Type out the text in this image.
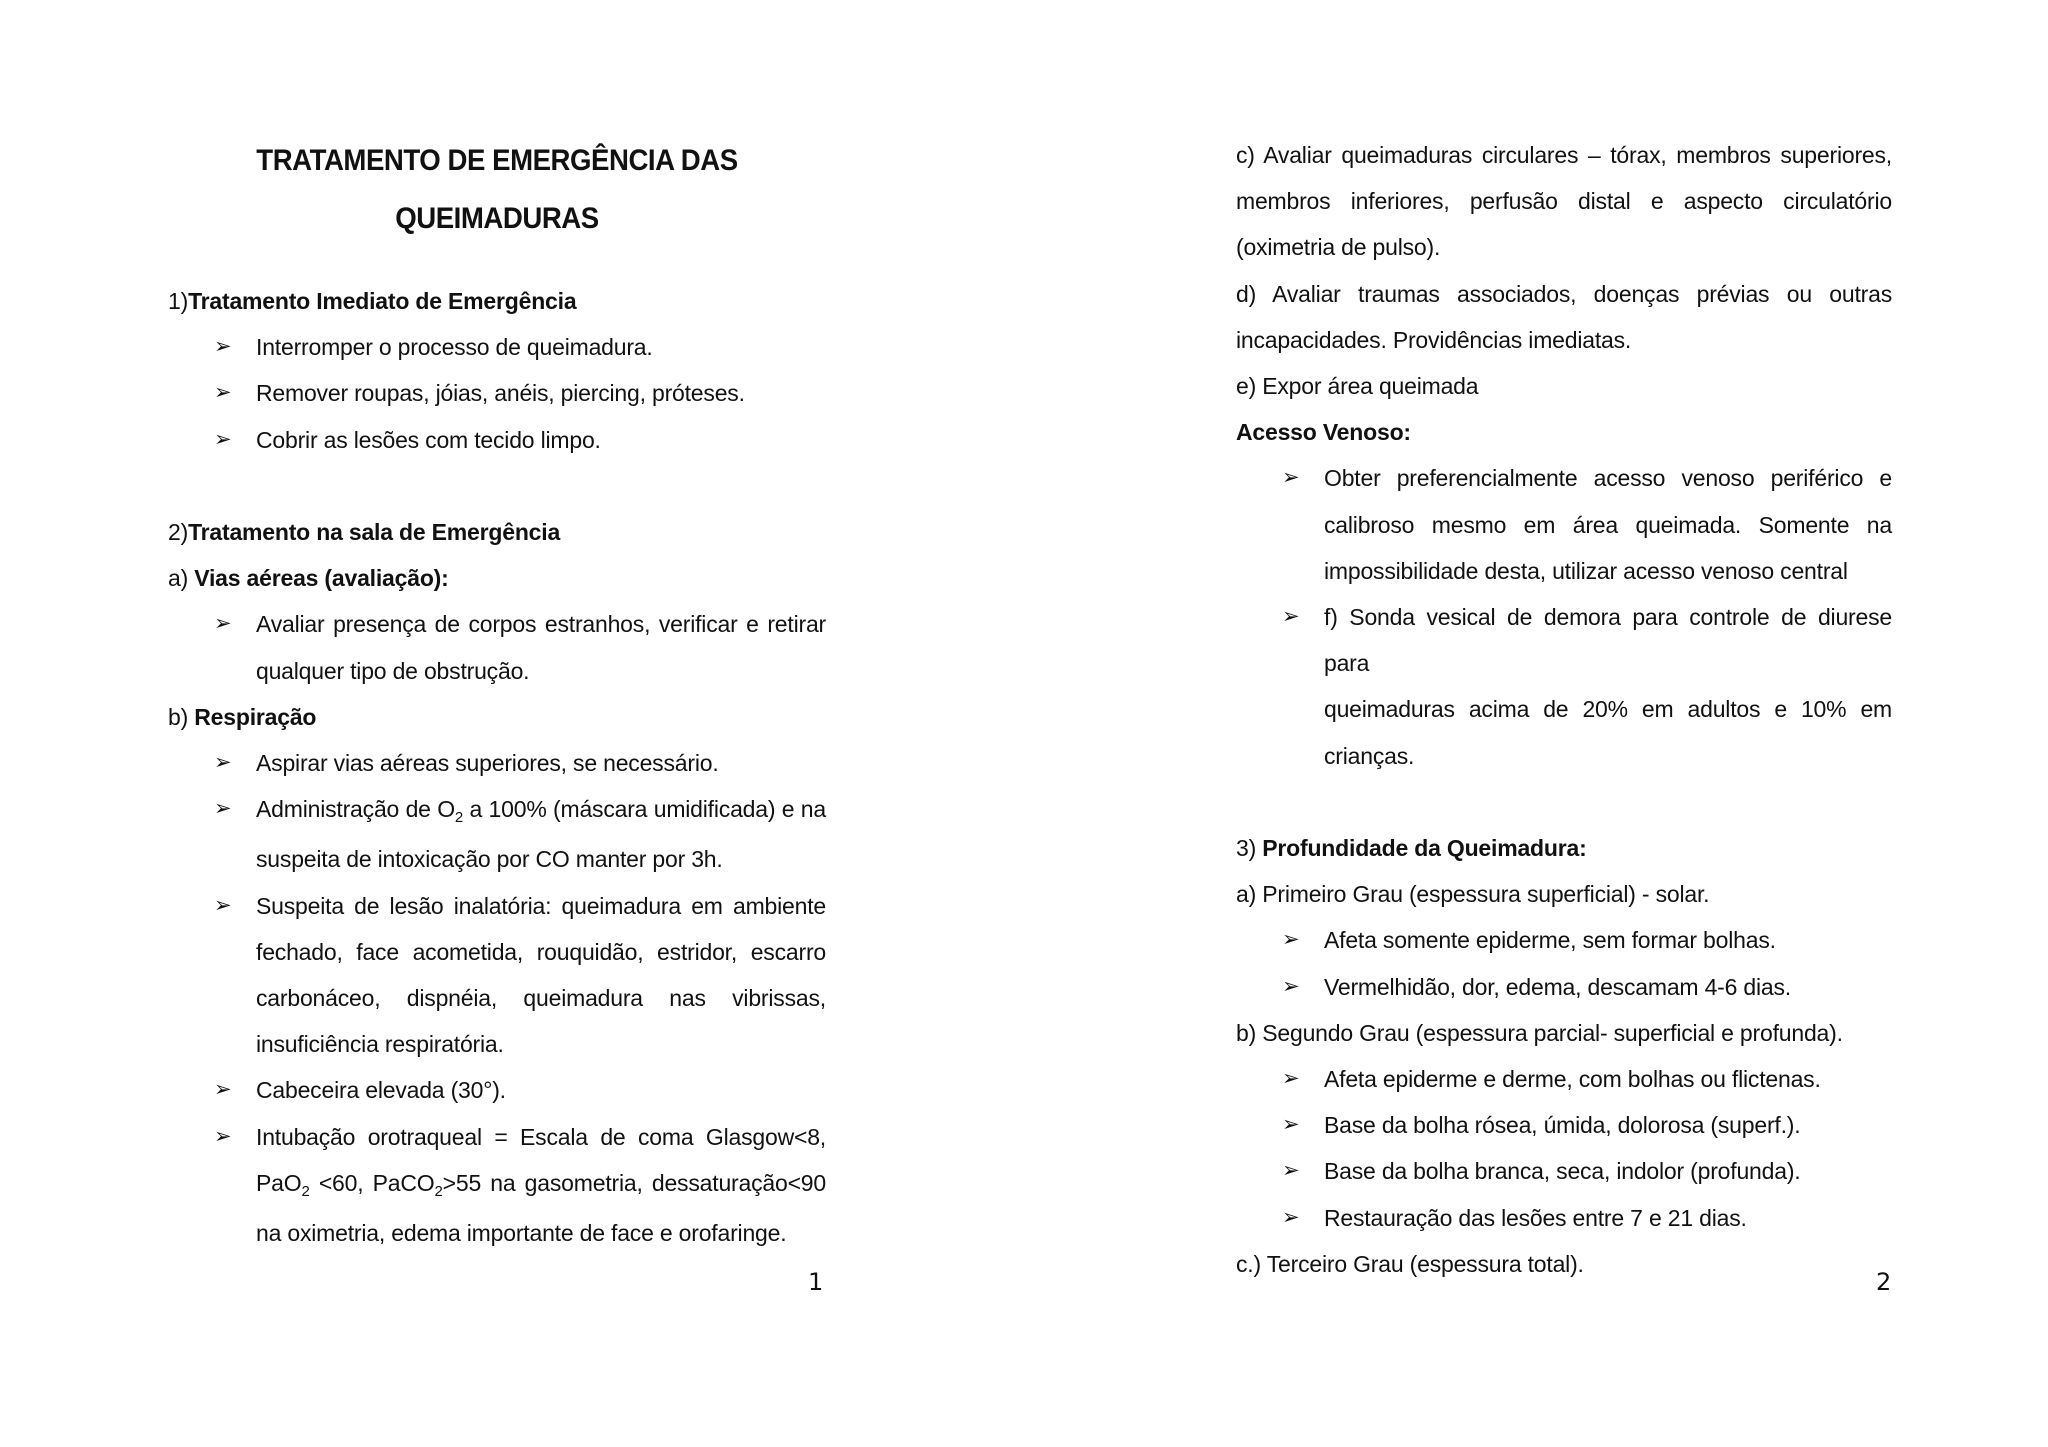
TRATAMENTO DE EMERGÊNCIA DAS
QUEIMADURAS

1)Tratamento Imediato de Emergência

➢ Interromper o processo de queimadura.
➢ Remover roupas, jóias, anéis, piercing, próteses.
➢ Cobrir as lesões com tecido limpo.

2)Tratamento na sala de Emergência

a) Vias aéreas (avaliação):

➢ Avaliar presença de corpos estranhos, verificar e retirar
qualquer tipo de obstrução.

b) Respiração

➢ Aspirar vias aéreas superiores, se necessário.
➢ Administração de $O_2$ a 100% (máscara umidificada) e na
suspeita de intoxicação por CO manter por 3h.
➢ Suspeita de lesão inalatória: queimadura em ambiente
fechado, face acometida, rouquidão, estridor, escarro
carbonáceo, dispnéia, queimadura nas vibrissas,
insuficiência respiratória.
➢ Cabeceira elevada (30°).
➢ Intubação orotraqueal = Escala de coma Glasgow<8,
PaO$_2$ <60, PaCO$_2$>55 na gasometria, dessaturação<90
na oximetria, edema importante de face e orofaringe.
1
c) Avaliar queimaduras circulares – tórax, membros superiores,
membros inferiores, perfusão distal e aspecto circulatório
(oximetria de pulso).
d) Avaliar traumas associados, doenças prévias ou outras
incapacidades. Providências imediatas.
e) Expor área queimada

Acesso Venoso:

➢ Obter preferencialmente acesso venoso periférico e
calibroso mesmo em área queimada. Somente na
impossibilidade desta, utilizar acesso venoso central
➢ f) Sonda vesical de demora para controle de diurese para
queimaduras acima de 20% em adultos e 10% em
crianças.

3) Profundidade da Queimadura:

a) Primeiro Grau (espessura superficial) - solar.
➢ Afeta somente epiderme, sem formar bolhas.
➢ Vermelhidão, dor, edema, descamam 4-6 dias.
b) Segundo Grau (espessura parcial- superficial e profunda).
➢ Afeta epiderme e derme, com bolhas ou flictenas.
➢ Base da bolha rósea, úmida, dolorosa (superf.).
➢ Base da bolha branca, seca, indolor (profunda).
➢ Restauração das lesões entre 7 e 21 dias.
c.) Terceiro Grau (espessura total).
2
